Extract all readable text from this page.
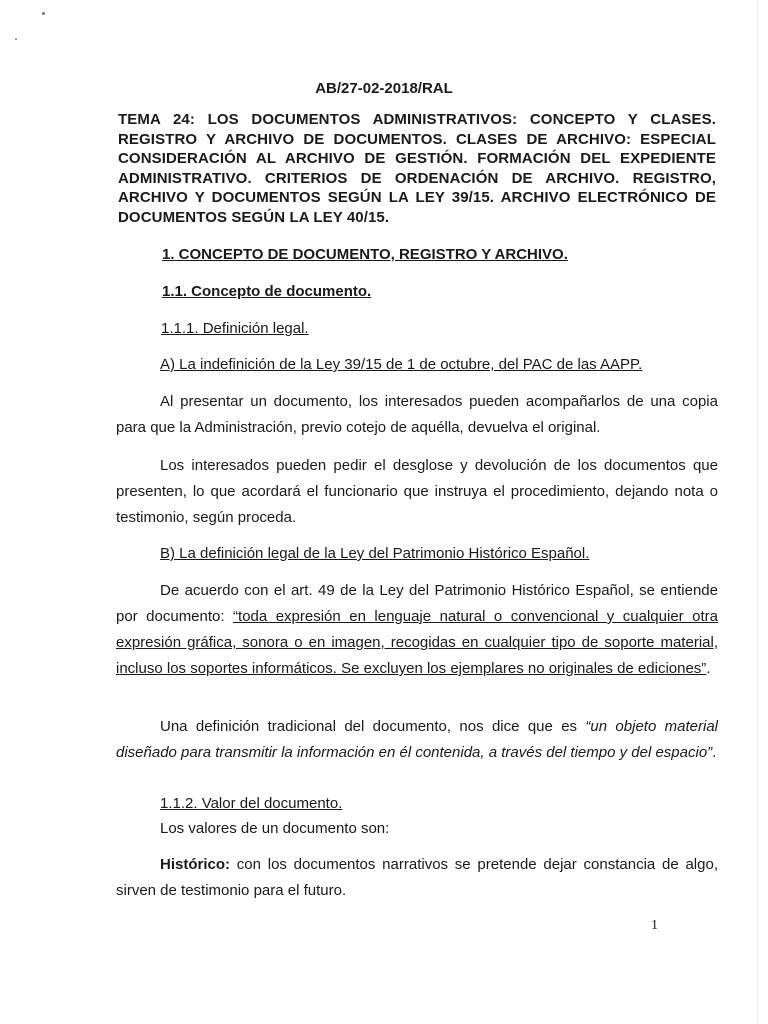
AB/27-02-2018/RAL
TEMA 24: LOS DOCUMENTOS ADMINISTRATIVOS: CONCEPTO Y CLASES. REGISTRO Y ARCHIVO DE DOCUMENTOS. CLASES DE ARCHIVO: ESPECIAL CONSIDERACIÓN AL ARCHIVO DE GESTIÓN. FORMACIÓN DEL EXPEDIENTE ADMINISTRATIVO. CRITERIOS DE ORDENACIÓN DE ARCHIVO. REGISTRO, ARCHIVO Y DOCUMENTOS SEGÚN LA LEY 39/15. ARCHIVO ELECTRÓNICO DE DOCUMENTOS SEGÚN LA LEY 40/15.
1. CONCEPTO DE DOCUMENTO, REGISTRO Y ARCHIVO.
1.1. Concepto de documento.
1.1.1. Definición legal.
A) La indefinición de la Ley 39/15 de 1 de octubre, del PAC de las AAPP.
Al presentar un documento, los interesados pueden acompañarlos de una copia para que la Administración, previo cotejo de aquélla, devuelva el original.
Los interesados pueden pedir el desglose y devolución de los documentos que presenten, lo que acordará el funcionario que instruya el procedimiento, dejando nota o testimonio, según proceda.
B) La definición legal de la Ley del Patrimonio Histórico Español.
De acuerdo con el art. 49 de la Ley del Patrimonio Histórico Español, se entiende por documento: “toda expresión en lenguaje natural o convencional y cualquier otra expresión gráfica, sonora o en imagen, recogidas en cualquier tipo de soporte material, incluso los soportes informáticos. Se excluyen los ejemplares no originales de ediciones”.
Una definición tradicional del documento, nos dice que es “un objeto material diseñado para transmitir la información en él contenida, a través del tiempo y del espacio”.
1.1.2. Valor del documento.
Los valores de un documento son:
Histórico: con los documentos narrativos se pretende dejar constancia de algo, sirven de testimonio para el futuro.
1
